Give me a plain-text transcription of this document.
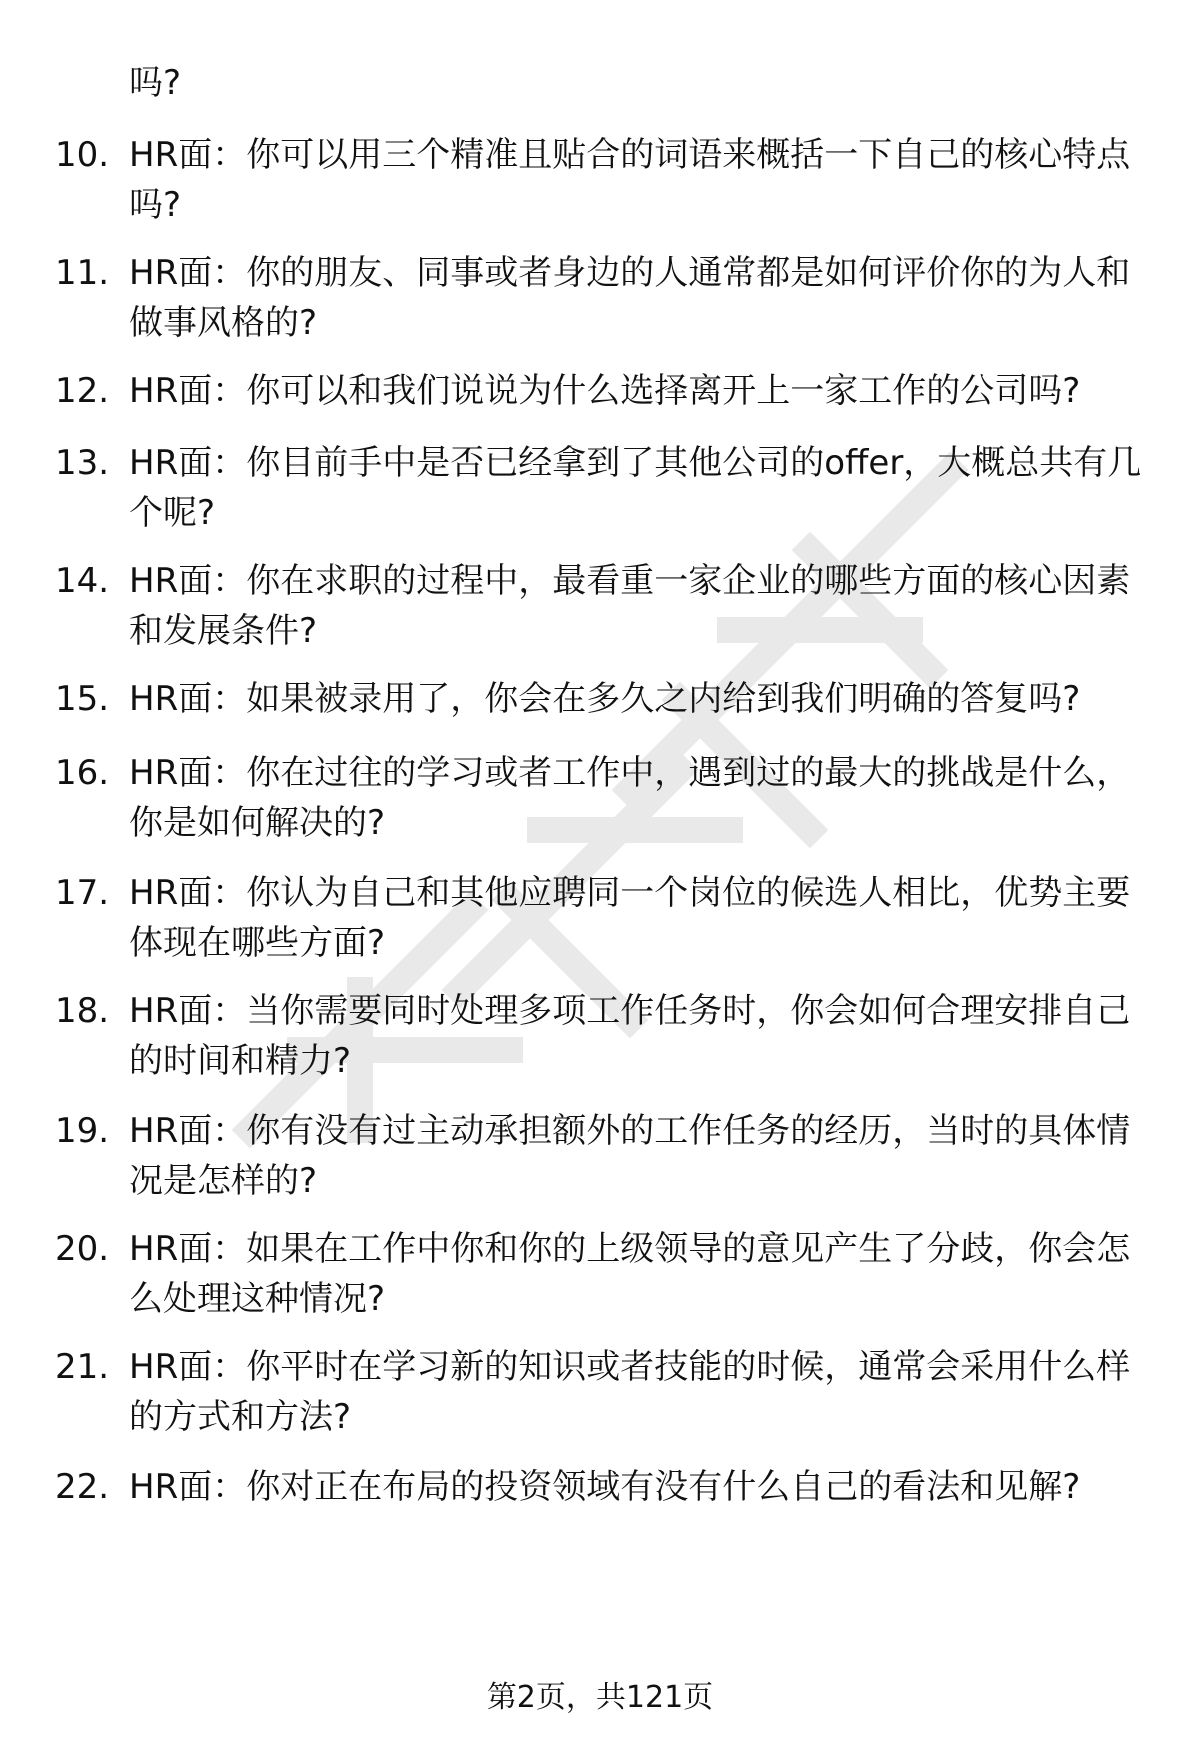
吗?
10. HR面：你可以用三个精准且贴合的词语来概括一下自己的核心特点吗?
11. HR面：你的朋友、同事或者身边的人通常都是如何评价你的为人和做事风格的?
12. HR面：你可以和我们说说为什么选择离开上一家工作的公司吗?
13. HR面：你目前手中是否已经拿到了其他公司的offer，大概总共有几个呢?
14. HR面：你在求职的过程中，最看重一家企业的哪些方面的核心因素和发展条件?
15. HR面：如果被录用了，你会在多久之内给到我们明确的答复吗?
16. HR面：你在过往的学习或者工作中，遇到过的最大的挑战是什么，你是如何解决的?
17. HR面：你认为自己和其他应聘同一个岗位的候选人相比，优势主要体现在哪些方面?
18. HR面：当你需要同时处理多项工作任务时，你会如何合理安排自己的时间和精力?
19. HR面：你有没有过主动承担额外的工作任务的经历，当时的具体情况是怎样的?
20. HR面：如果在工作中你和你的上级领导的意见产生了分歧，你会怎么处理这种情况?
21. HR面：你平时在学习新的知识或者技能的时候，通常会采用什么样的方式和方法?
22. HR面：你对正在布局的投资领域有没有什么自己的看法和见解?
第2页，共121页
